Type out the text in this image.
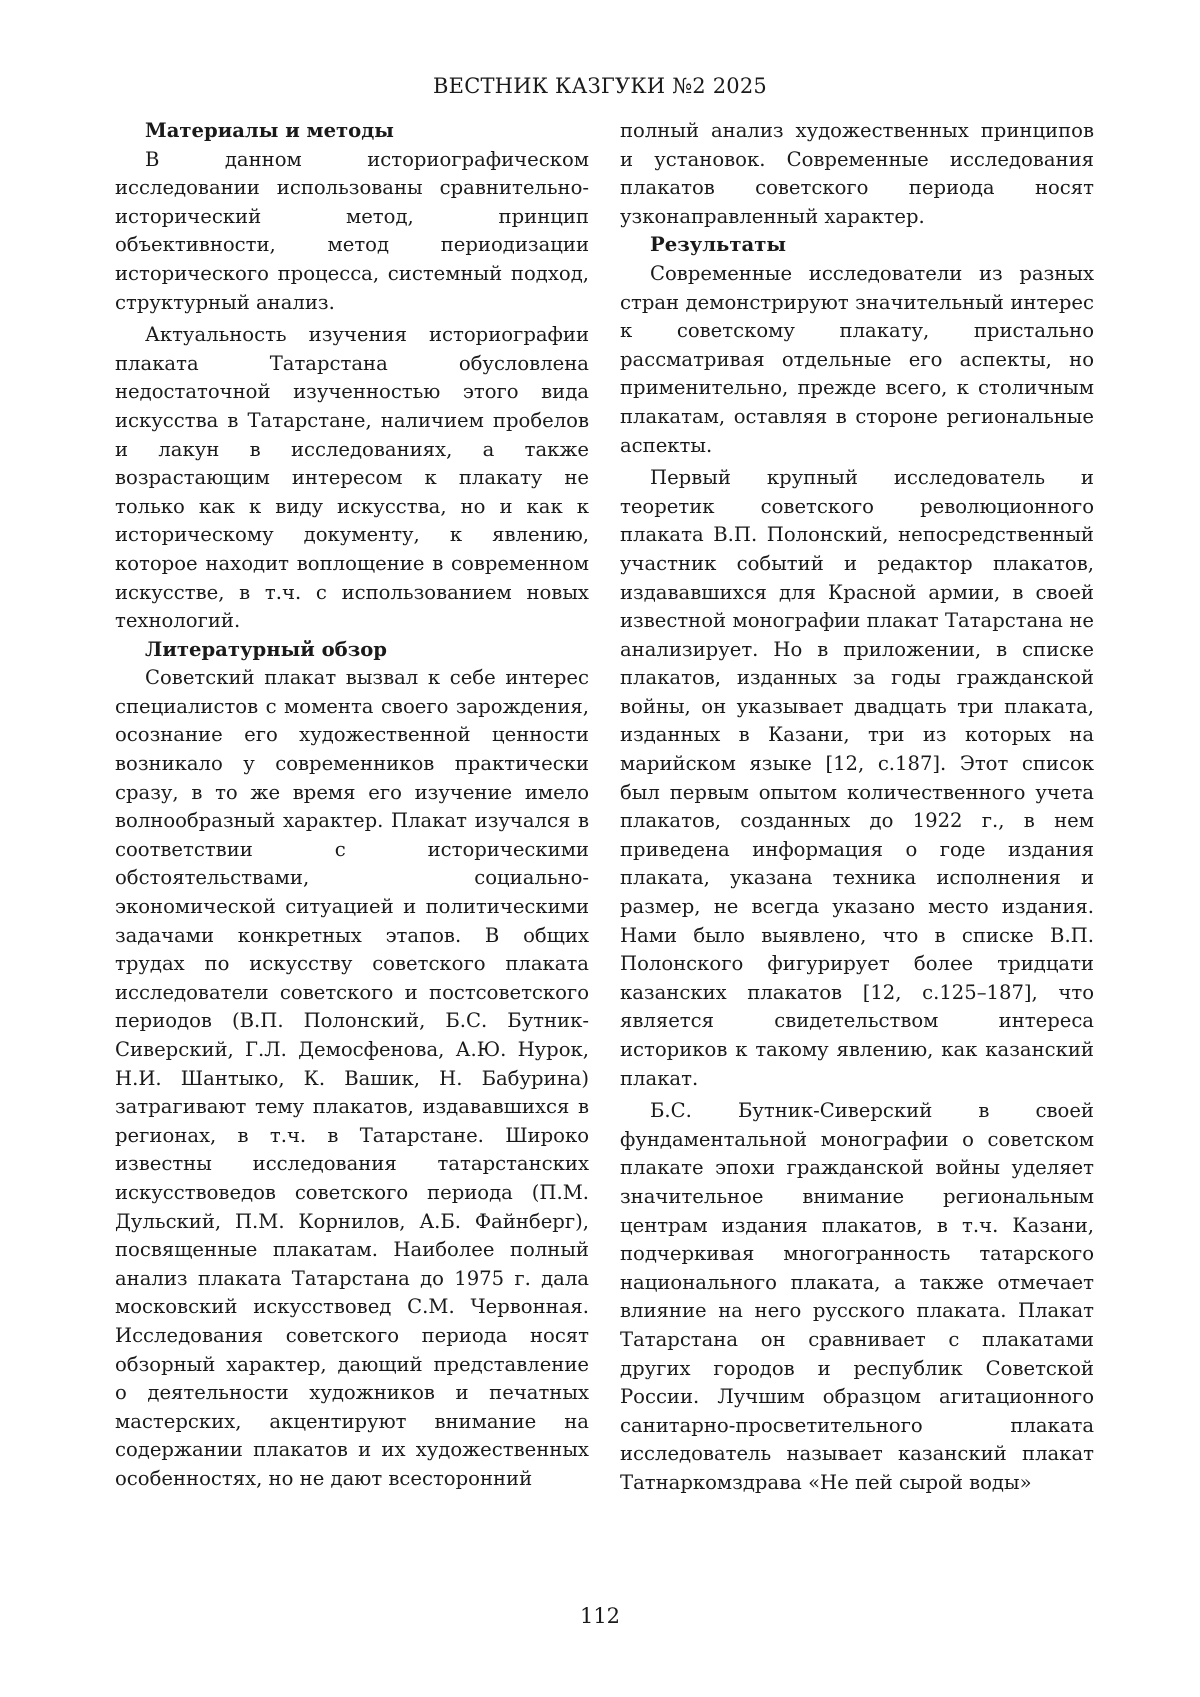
ВЕСТНИК КАЗГУКИ №2 2025
Материалы и методы

В данном историографическом исследовании использованы сравнительно-исторический метод, принцип объективности, метод периодизации исторического процесса, системный подход, структурный анализ.

Актуальность изучения историографии плаката Татарстана обусловлена недостаточной изученностью этого вида искусства в Татарстане, наличием пробелов и лакун в исследованиях, а также возрастающим интересом к плакату не только как к виду искусства, но и как к историческому документу, к явлению, которое находит воплощение в современном искусстве, в т.ч. с использованием новых технологий.

Литературный обзор

Советский плакат вызвал к себе интерес специалистов с момента своего зарождения, осознание его художественной ценности возникало у современников практически сразу, в то же время его изучение имело волнообразный характер. Плакат изучался в соответствии с историческими обстоятельствами, социально-экономической ситуацией и политическими задачами конкретных этапов. В общих трудах по искусству советского плаката исследователи советского и постсоветского периодов (В.П. Полонский, Б.С. Бутник-Сиверский, Г.Л. Демосфенова, А.Ю. Нурок, Н.И. Шантыко, К. Вашик, Н. Бабурина) затрагивают тему плакатов, издававшихся в регионах, в т.ч. в Татарстане. Широко известны исследования татарстанских искусствоведов советского периода (П.М. Дульский, П.М. Корнилов, А.Б. Файнберг), посвященные плакатам. Наиболее полный анализ плаката Татарстана до 1975 г. дала московский искусствовед С.М. Червонная. Исследования советского периода носят обзорный характер, дающий представление о деятельности художников и печатных мастерских, акцентируют внимание на содержании плакатов и их художественных особенностях, но не дают всесторонний

полный анализ художественных принципов и установок. Современные исследования плакатов советского периода носят узконаправленный характер.

Результаты

Современные исследователи из разных стран демонстрируют значительный интерес к советскому плакату, пристально рассматривая отдельные его аспекты, но применительно, прежде всего, к столичным плакатам, оставляя в стороне региональные аспекты.

Первый крупный исследователь и теоретик советского революционного плаката В.П. Полонский, непосредственный участник событий и редактор плакатов, издававшихся для Красной армии, в своей известной монографии плакат Татарстана не анализирует. Но в приложении, в списке плакатов, изданных за годы гражданской войны, он указывает двадцать три плаката, изданных в Казани, три из которых на марийском языке [12, с.187]. Этот список был первым опытом количественного учета плакатов, созданных до 1922 г., в нем приведена информация о годе издания плаката, указана техника исполнения и размер, не всегда указано место издания. Нами было выявлено, что в списке В.П. Полонского фигурирует более тридцати казанских плакатов [12, с.125–187], что является свидетельством интереса историков к такому явлению, как казанский плакат.

Б.С. Бутник-Сиверский в своей фундаментальной монографии о советском плакате эпохи гражданской войны уделяет значительное внимание региональным центрам издания плакатов, в т.ч. Казани, подчеркивая многогранность татарского национального плаката, а также отмечает влияние на него русского плаката. Плакат Татарстана он сравнивает с плакатами других городов и республик Советской России. Лучшим образцом агитационного санитарно-просветительного плаката исследователь называет казанский плакат Татнаркомздрава «Не пей сырой воды»

112
